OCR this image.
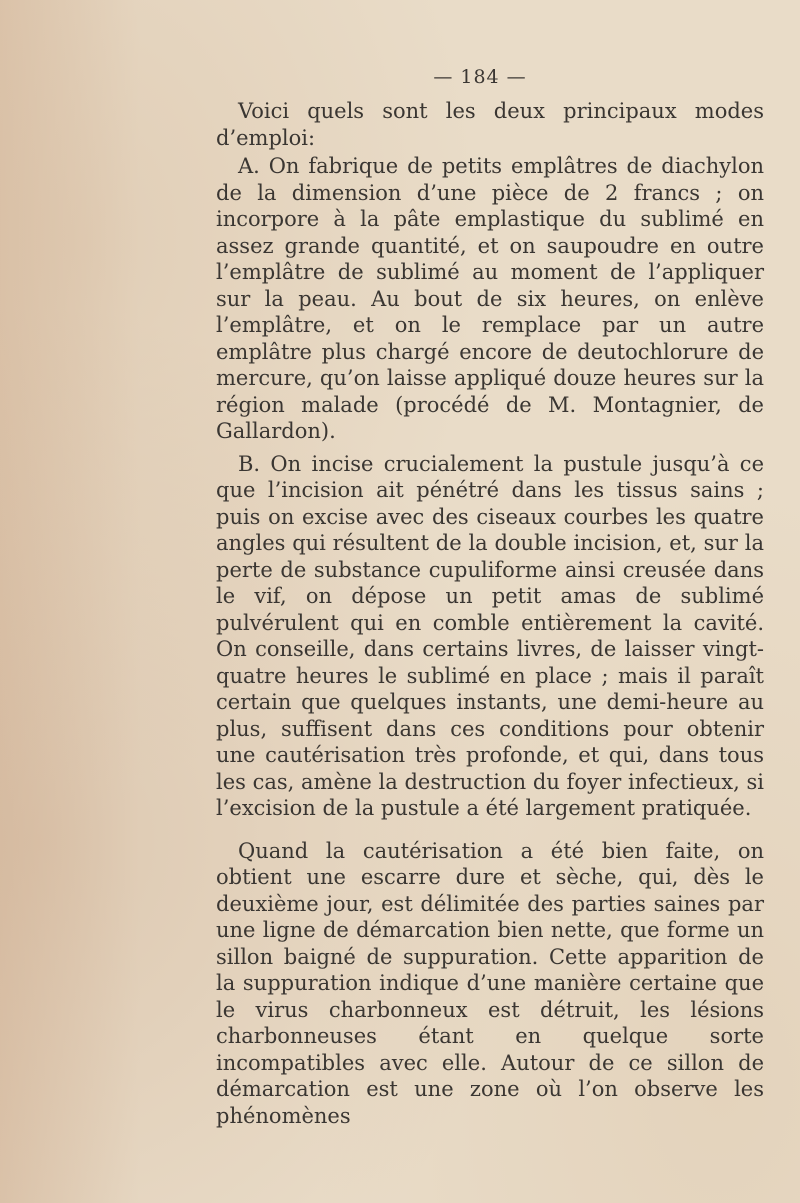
— 184 —

Voici quels sont les deux principaux modes d’emploi:

A. On fabrique de petits emplâtres de diachylon de la dimension d’une pièce de 2 francs ; on incorpore à la pâte emplastique du sublimé en assez grande quantité, et on saupoudre en outre l’emplâtre de sublimé au moment de l’appliquer sur la peau. Au bout de six heures, on enlève l’emplâtre, et on le remplace par un autre emplâtre plus chargé encore de deutochlorure de mercure, qu’on laisse appliqué douze heures sur la région malade (procédé de M. Montagnier, de Gallardon).

B. On incise crucialement la pustule jusqu’à ce que l’incision ait pénétré dans les tissus sains ; puis on excise avec des ciseaux courbes les quatre angles qui résultent de la double incision, et, sur la perte de substance cupuliforme ainsi creusée dans le vif, on dépose un petit amas de sublimé pulvérulent qui en comble entièrement la cavité. On conseille, dans certains livres, de laisser vingt-quatre heures le sublimé en place ; mais il paraît certain que quelques instants, une demi-heure au plus, suffisent dans ces conditions pour obtenir une cautérisation très profonde, et qui, dans tous les cas, amène la destruction du foyer infectieux, si l’excision de la pustule a été largement pratiquée.

Quand la cautérisation a été bien faite, on obtient une escarre dure et sèche, qui, dès le deuxième jour, est délimitée des parties saines par une ligne de démarcation bien nette, que forme un sillon baigné de suppuration. Cette apparition de la suppuration indique d’une manière certaine que le virus charbonneux est détruit, les lésions charbonneuses étant en quelque sorte incompatibles avec elle. Autour de ce sillon de démarcation est une zone où l’on observe les phénomènes
